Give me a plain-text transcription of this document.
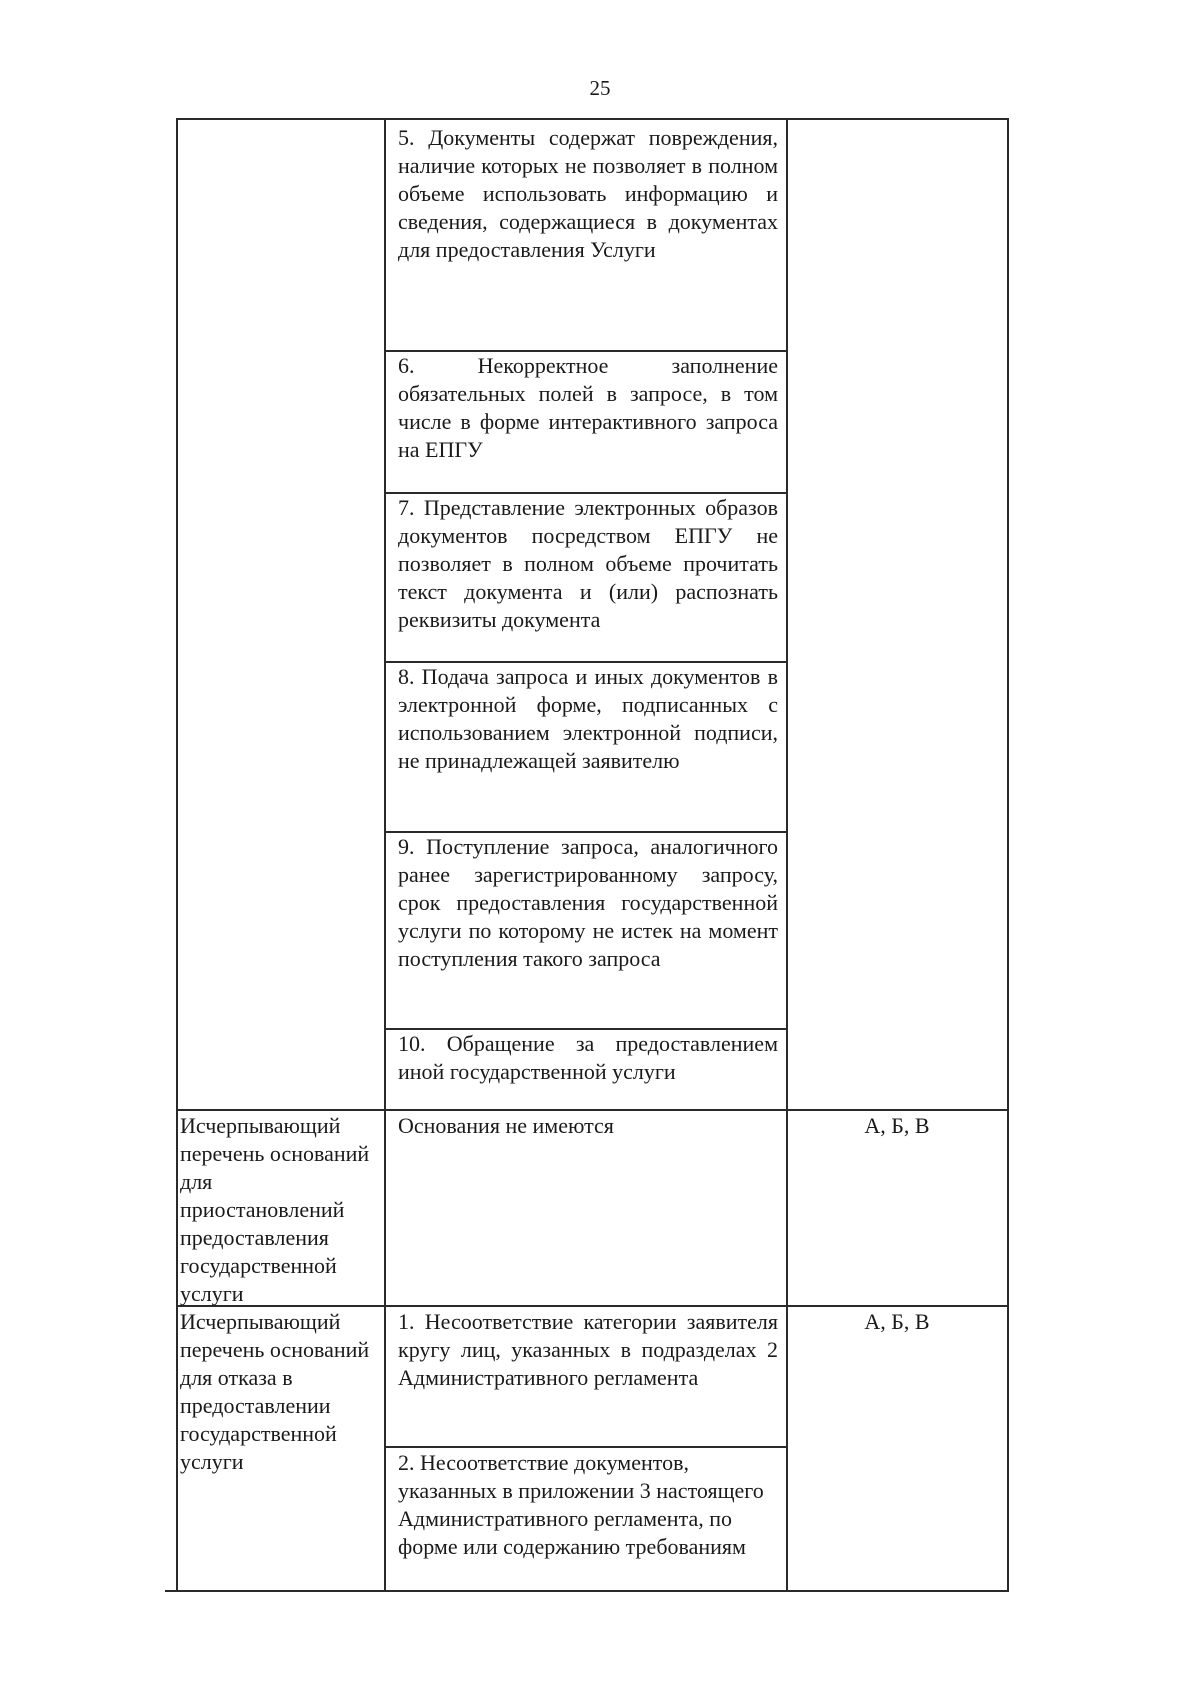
25
5. Документы содержат повреждения, наличие которых не позволяет в полном объеме использовать информацию и сведения, содержащиеся в документах для предоставления Услуги
6. Некорректное заполнение обязательных полей в запросе, в том числе в форме интерактивного запроса на ЕПГУ
7. Представление электронных образов документов посредством ЕПГУ не позволяет в полном объеме прочитать текст документа и (или) распознать реквизиты документа
8. Подача запроса и иных документов в электронной форме, подписанных с использованием электронной подписи, не принадлежащей заявителю
9. Поступление запроса, аналогичного ранее зарегистрированному запросу, срок предоставления государственной услуги по которому не истек на момент поступления такого запроса
10. Обращение за предоставлением иной государственной услуги
Исчерпывающий перечень оснований для приостановлений предоставления государственной услуги
Основания не имеются	А, Б, В
Исчерпывающий перечень оснований для отказа в предоставлении государственной услуги
1. Несоответствие категории заявителя кругу лиц, указанных в подразделах 2 Административного регламента
2. Несоответствие документов, указанных в приложении 3 настоящего Административного регламента, по форме или содержанию требованиям
А, Б, В
